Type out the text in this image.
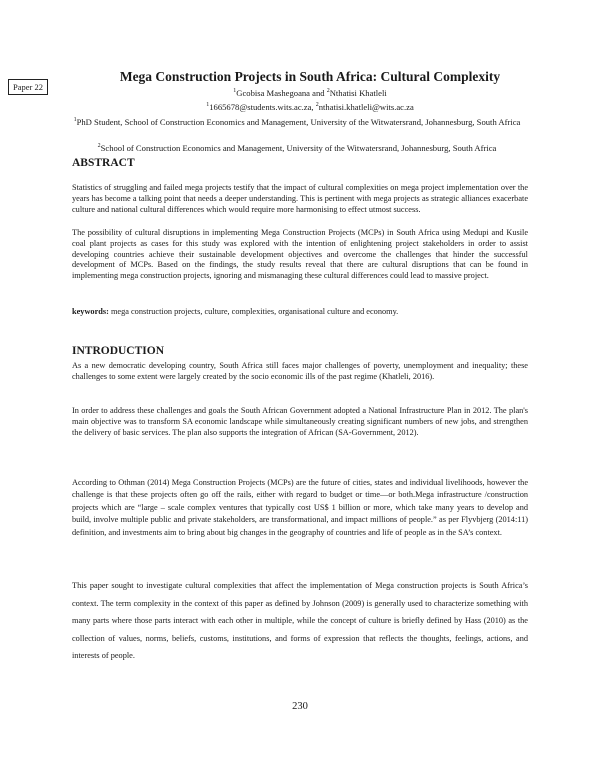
Paper 22
Mega Construction Projects in South Africa: Cultural Complexity
$^1$Gcobisa Mashegoana and $^2$Nthatisi Khatleli
$^1$1665678@students.wits.ac.za, $^2$nthatisi.khatleli@wits.ac.za
$^1$PhD Student, School of Construction Economics and Management, University of the Witwatersrand, Johannesburg, South Africa
$^2$School of Construction Economics and Management, University of the Witwatersrand, Johannesburg, South Africa
ABSTRACT

Statistics of struggling and failed mega projects testify that the impact of cultural complexities on mega project implementation over the years has become a talking point that needs a deeper understanding. This is pertinent with mega projects as strategic alliances exacerbate culture and national cultural differences which would require more harmonising to effect utmost success.

The possibility of cultural disruptions in implementing Mega Construction Projects (MCPs) in South Africa using Medupi and Kusile coal plant projects as cases for this study was explored with the intention of enlightening project stakeholders in order to assist developing countries achieve their sustainable development objectives and overcome the challenges that hinder the successful development of MCPs. Based on the findings, the study results reveal that there are cultural disruptions that can be found in implementing mega construction projects, ignoring and mismanaging these cultural differences could lead to massive project.

keywords: mega construction projects, culture, complexities, organisational culture and economy.

INTRODUCTION

As a new democratic developing country, South Africa still faces major challenges of poverty, unemployment and inequality; these challenges to some extent were largely created by the socio economic ills of the past regime (Khatleli, 2016).

In order to address these challenges and goals the South African Government adopted a National Infrastructure Plan in 2012. The plan's main objective was to transform SA economic landscape while simultaneously creating significant numbers of new jobs, and strengthen the delivery of basic services. The plan also supports the integration of African (SA-Government, 2012).

According to Othman (2014) Mega Construction Projects (MCPs) are the future of cities, states and individual livelihoods, however the challenge is that these projects often go off the rails, either with regard to budget or time—or both.Mega infrastructure /construction projects which are “large – scale complex ventures that typically cost US$ 1 billion or more, which take many years to develop and build, involve multiple public and private stakeholders, are transformational, and impact millions of people.” as per Flyvbjerg (2014:11) definition, and investments aim to bring about big changes in the geography of countries and life of people as in the SA’s context.

This paper sought to investigate cultural complexities that affect the implementation of Mega construction projects is South Africa’s context. The term complexity in the context of this paper as defined by Johnson (2009) is generally used to characterize something with many parts where those parts interact with each other in multiple, while the concept of culture is briefly defined by Hass (2010) as the collection of values, norms, beliefs, customs, institutions, and forms of expression that reflects the thoughts, feelings, actions, and interests of people.

230
